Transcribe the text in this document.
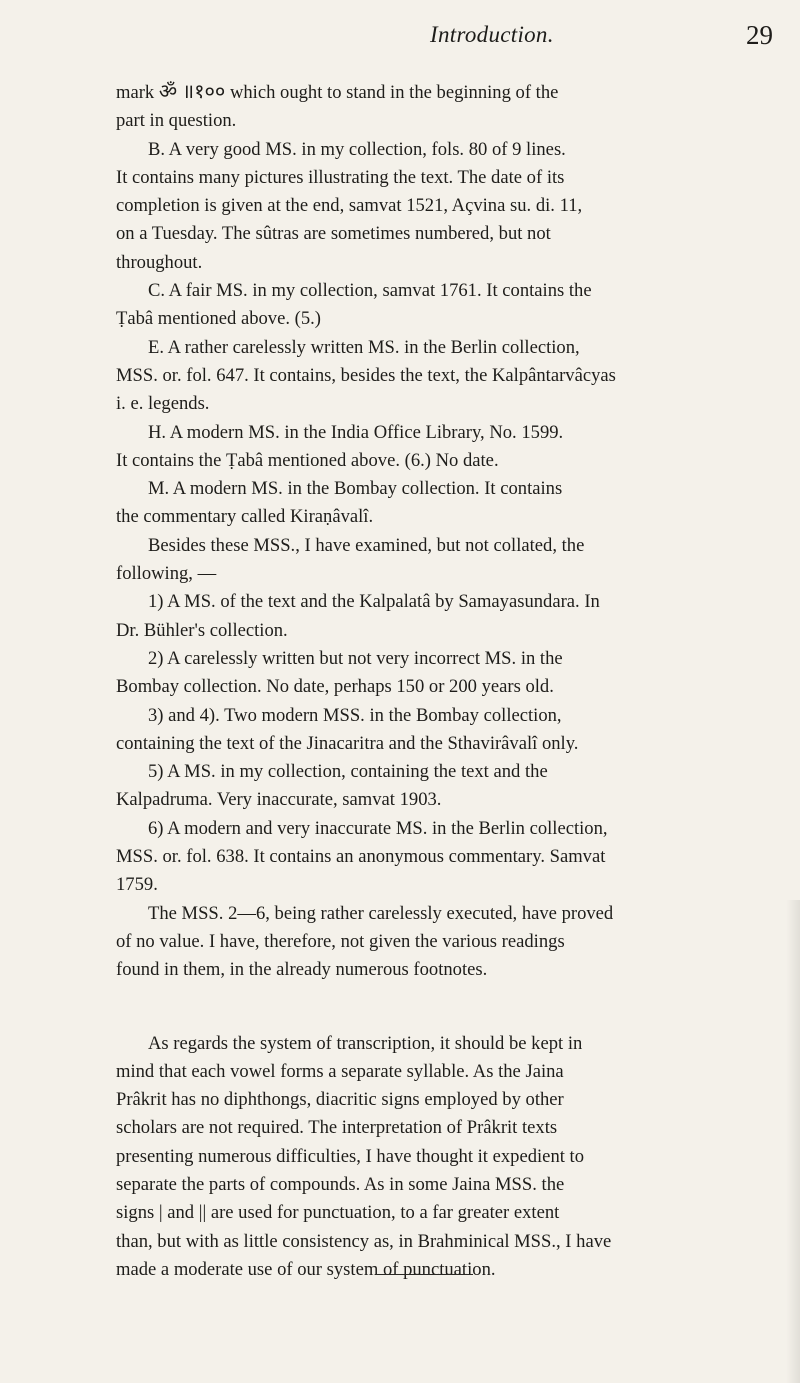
Introduction.	29
mark ॐ ॥१०० which ought to stand in the beginning of the
part in question.
B. A very good MS. in my collection, fols. 80 of 9 lines.
It contains many pictures illustrating the text. The date of its
completion is given at the end, samvat 1521, Açvina su. di. 11,
on a Tuesday. The sûtras are sometimes numbered, but not
throughout.
C. A fair MS. in my collection, samvat 1761. It contains the
Ṭabâ mentioned above. (5.)
E. A rather carelessly written MS. in the Berlin collection,
MSS. or. fol. 647. It contains, besides the text, the Kalpântarvâcyas
i. e. legends.
H. A modern MS. in the India Office Library, No. 1599.
It contains the Ṭabâ mentioned above. (6.) No date.
M. A modern MS. in the Bombay collection. It contains
the commentary called Kiraṇâvalî.
Besides these MSS., I have examined, but not collated, the
following, —
1) A MS. of the text and the Kalpalatâ by Samayasundara. In
Dr. Bühler's collection.
2) A carelessly written but not very incorrect MS. in the
Bombay collection. No date, perhaps 150 or 200 years old.
3) and 4). Two modern MSS. in the Bombay collection,
containing the text of the Jinacaritra and the Sthavirâvalî only.
5) A MS. in my collection, containing the text and the
Kalpadruma. Very inaccurate, samvat 1903.
6) A modern and very inaccurate MS. in the Berlin collection,
MSS. or. fol. 638. It contains an anonymous commentary. Samvat
1759.
The MSS. 2—6, being rather carelessly executed, have proved
of no value. I have, therefore, not given the various readings
found in them, in the already numerous footnotes.
As regards the system of transcription, it should be kept in
mind that each vowel forms a separate syllable. As the Jaina
Prâkrit has no diphthongs, diacritic signs employed by other
scholars are not required. The interpretation of Prâkrit texts
presenting numerous difficulties, I have thought it expedient to
separate the parts of compounds. As in some Jaina MSS. the
signs | and || are used for punctuation, to a far greater extent
than, but with as little consistency as, in Brahminical MSS., I have
made a moderate use of our system of punctuation.
